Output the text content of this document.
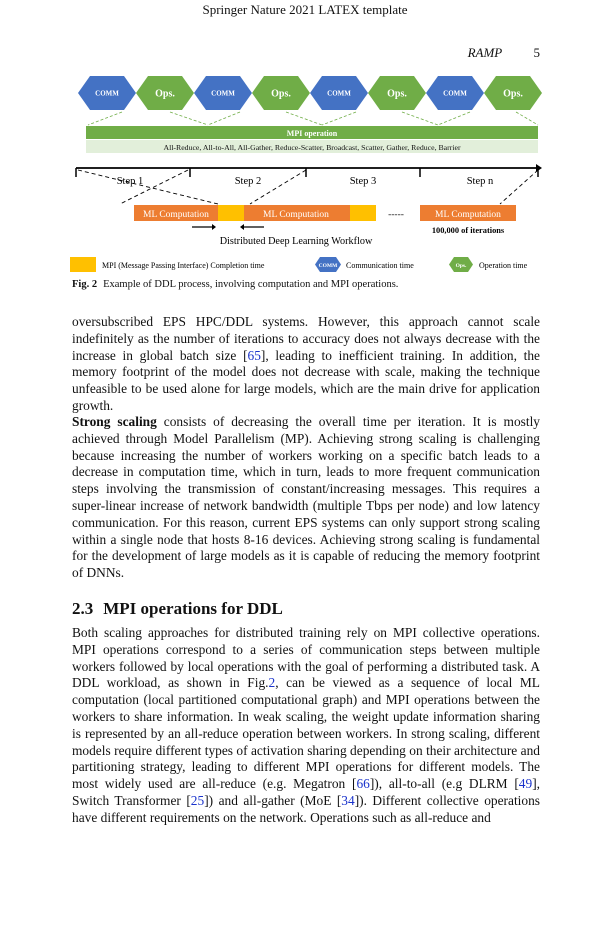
Springer Nature 2021 LATEX template
RAMP 5
COMM	Ops.	COMM	Ops.	COMM	Ops.	COMM	Ops.
MPI operation
All-Reduce, All-to-All, All-Gather, Reduce-Scatter, Broadcast, Scatter, Gather, Reduce, Barrier
Step 1	Step 2	Step 3	Step n
ML Computation	ML Computation	-----	ML Computation
100,000 of iterations
Distributed Deep Learning Workflow
MPI (Message Passing Interface) Completion time	COMM Communication time	Ops. Operation time
Fig. 2 Example of DDL process, involving computation and MPI operations.
oversubscribed EPS HPC/DDL systems. However, this approach cannot scale indefinitely as the number of iterations to accuracy does not always decrease with the increase in global batch size [65], leading to inefficient training. In addition, the memory footprint of the model does not decrease with scale, making the technique unfeasible to be used alone for large models, which are the main drive for application growth.
Strong scaling consists of decreasing the overall time per iteration. It is mostly achieved through Model Parallelism (MP). Achieving strong scaling is challenging because increasing the number of workers working on a specific batch leads to a decrease in computation time, which in turn, leads to more frequent communication steps involving the transmission of constant/increasing messages. This requires a super-linear increase of network bandwidth (multiple Tbps per node) and low latency communication. For this reason, current EPS systems can only support strong scaling within a single node that hosts 8-16 devices. Achieving strong scaling is fundamental for the development of large models as it is capable of reducing the memory footprint of DNNs.
2.3 MPI operations for DDL
Both scaling approaches for distributed training rely on MPI collective operations. MPI operations correspond to a series of communication steps between multiple workers followed by local operations with the goal of performing a distributed task. A DDL workload, as shown in Fig.2, can be viewed as a sequence of local ML computation (local partitioned computational graph) and MPI operations between the workers to share information. In weak scaling, the weight update information sharing is represented by an all-reduce operation between workers. In strong scaling, different models require different types of activation sharing depending on their architecture and partitioning strategy, leading to different MPI operations for different models. The most widely used are all-reduce (e.g. Megatron [66]), all-to-all (e.g DLRM [49], Switch Transformer [25]) and all-gather (MoE [34]). Different collective operations have different requirements on the network. Operations such as all-reduce and
